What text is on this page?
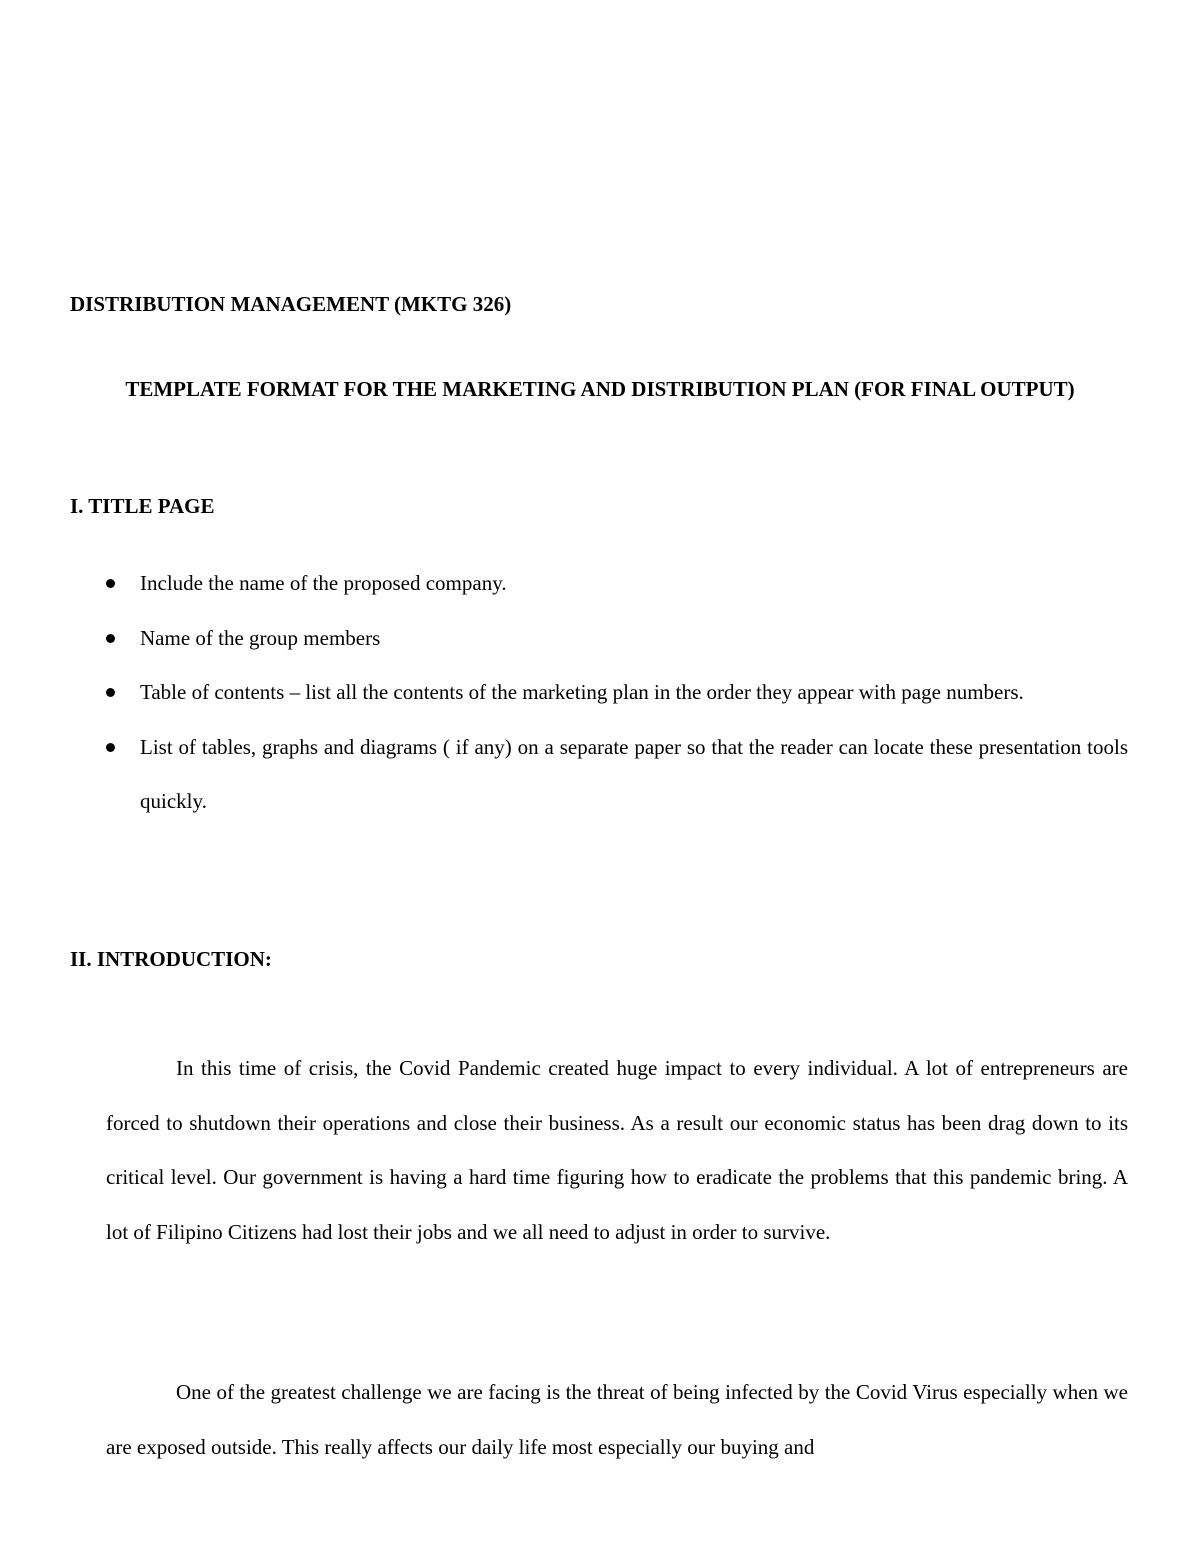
DISTRIBUTION MANAGEMENT (MKTG 326)
TEMPLATE FORMAT FOR THE MARKETING AND DISTRIBUTION PLAN (FOR FINAL OUTPUT)
I. TITLE PAGE
Include the name of the proposed company.
Name of the group members
Table of contents – list all the contents of the marketing plan in the order they appear with page numbers.
List of tables, graphs and diagrams ( if any) on a separate paper so that the reader can locate these presentation tools quickly.
II. INTRODUCTION:

In this time of crisis, the Covid Pandemic created huge impact to every individual. A lot of entrepreneurs are forced to shutdown their operations and close their business. As a result our economic status has been drag down to its critical level. Our government is having a hard time figuring how to eradicate the problems that this pandemic bring. A lot of Filipino Citizens had lost their jobs and we all need to adjust in order to survive.

One of the greatest challenge we are facing is the threat of being infected by the Covid Virus especially when we are exposed outside. This really affects our daily life most especially our buying and
